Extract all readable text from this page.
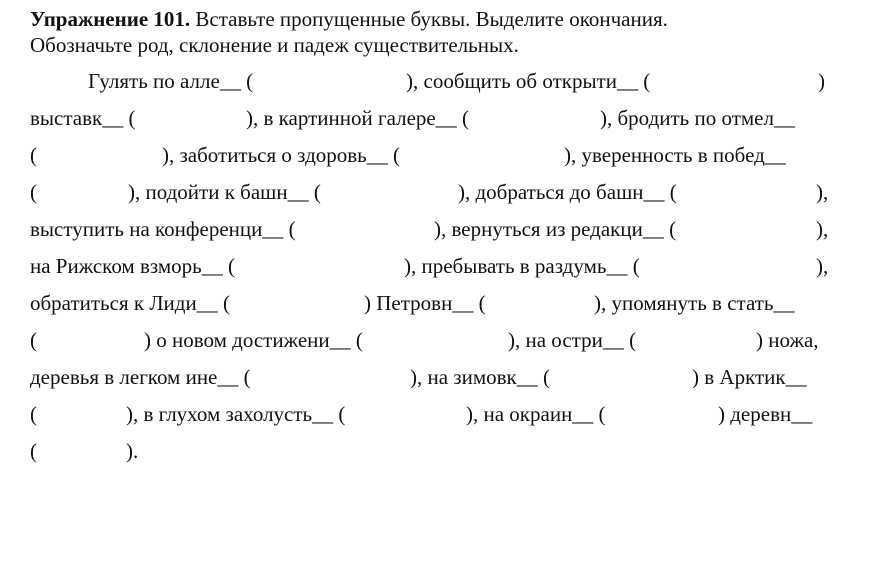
Упражнение 101. Вставьте пропущенные буквы. Выделите окончания.
Обозначьте род, склонение и падеж существительных.

Гулять по алле__ (

	), сообщить об открыти__ (

	)

выставк__ (

	), в картинной галере__ (

	), бродить по отмел__

(

	), заботиться о здоровь__ (

	), уверенность в побед__

(

	), подойти к башн__ (

	), добраться до башн__ (

	),

выступить на конференци__ (

	), вернуться из редакци__ (

	),

на Рижском взморь__ (

	), пребывать в раздумь__ (

	),

обратиться к Лиди__ (

	) Петровн__ (

	), упомянуть в стать__

(

	) о новом достижени__ (

	), на остри__ (

	) ножа,

деревья в легком ине__ (

	), на зимовк__ (

	) в Арктик__

(

	), в глухом захолусть__ (

	), на окраин__ (

	) деревн__

(

	).
